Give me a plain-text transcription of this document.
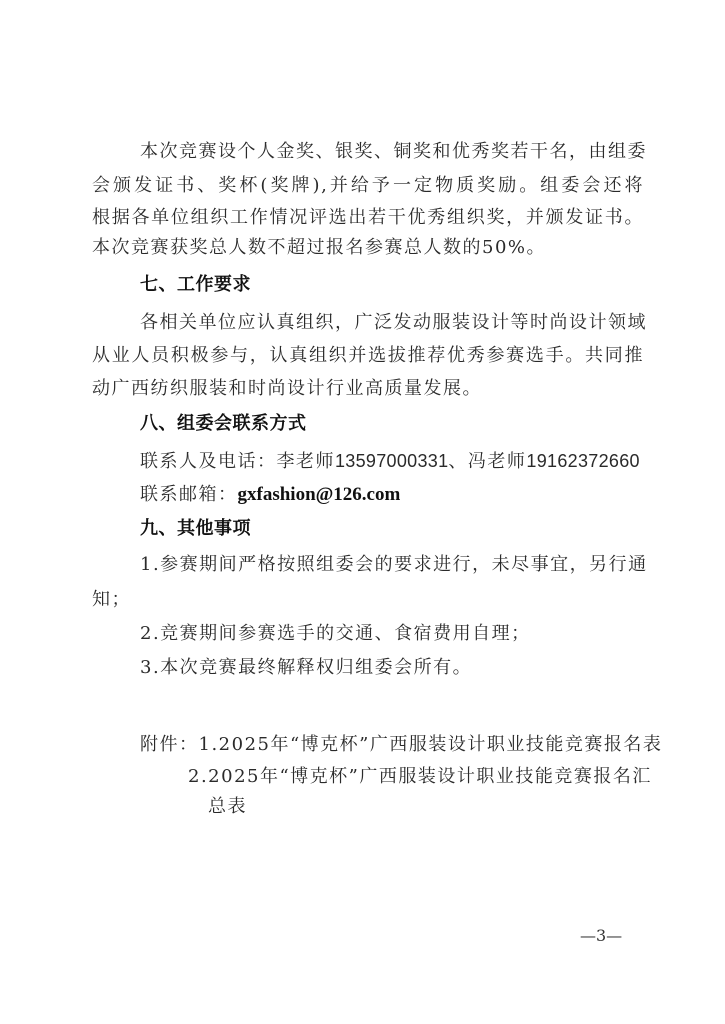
本次竞赛设个人金奖、银奖、铜奖和优秀奖若干名，由组委
会颁发证书、奖杯(奖牌),并给予一定物质奖励。组委会还将
根据各单位组织工作情况评选出若干优秀组织奖，并颁发证书。
本次竞赛获奖总人数不超过报名参赛总人数的50%。
七、工作要求
各相关单位应认真组织，广泛发动服装设计等时尚设计领域
从业人员积极参与，认真组织并选拔推荐优秀参赛选手。共同推
动广西纺织服装和时尚设计行业高质量发展。
八、组委会联系方式
联系人及电话：李老师13597000331、冯老师19162372660
联系邮箱：gxfashion@126.com
九、其他事项
1.参赛期间严格按照组委会的要求进行，未尽事宜，另行通
知；
2.竞赛期间参赛选手的交通、食宿费用自理；
3.本次竞赛最终解释权归组委会所有。
附件：1.2025年“博克杯”广西服装设计职业技能竞赛报名表
2.2025年“博克杯”广西服装设计职业技能竞赛报名汇
总表
—3—
